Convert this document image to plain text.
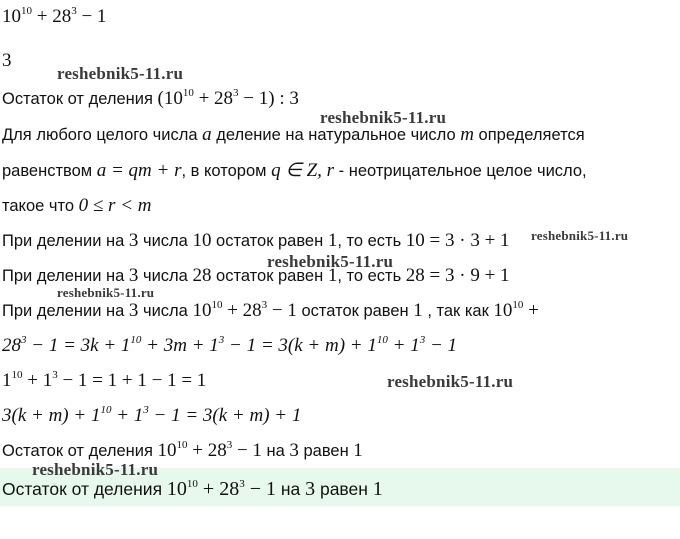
$10^{10} + 28^3 - 1$
3
Остаток от деления $(10^{10} + 28^3 - 1)$ : 3
Для любого целого числа a деление на натуральное число m определяется
равенством a = qm + r, в котором q ∈ Z, r - неотрицательное целое число,
такое что 0 ≤ r < m
При делении на 3 числа 10 остаток равен 1, то есть 10 = 3 · 3 + 1
При делении на 3 числа 28 остаток равен 1, то есть 28 = 3 · 9 + 1
При делении на 3 числа $10^{10} + 28^3 - 1$ остаток равен 1 , так как $10^{10}$ +
$28^3 - 1 = 3k + 1^{10} + 3m + 1^3 - 1 = 3(k + m) + 1^{10} + 1^3 - 1$
$1^{10} + 1^3 - 1 = 1 + 1 - 1 = 1$
$3(k + m) + 1^{10} + 1^3 - 1 = 3(k + m) + 1$
Остаток от деления $10^{10} + 28^3 - 1$ на 3 равен 1
Остаток от деления $10^{10} + 28^3 - 1$ на 3 равен 1
reshebnik5-11.ru
reshebnik5-11.ru
reshebnik5-11.ru
reshebnik5-11.ru
reshebnik5-11.ru
reshebnik5-11.ru
reshebnik5-11.ru
